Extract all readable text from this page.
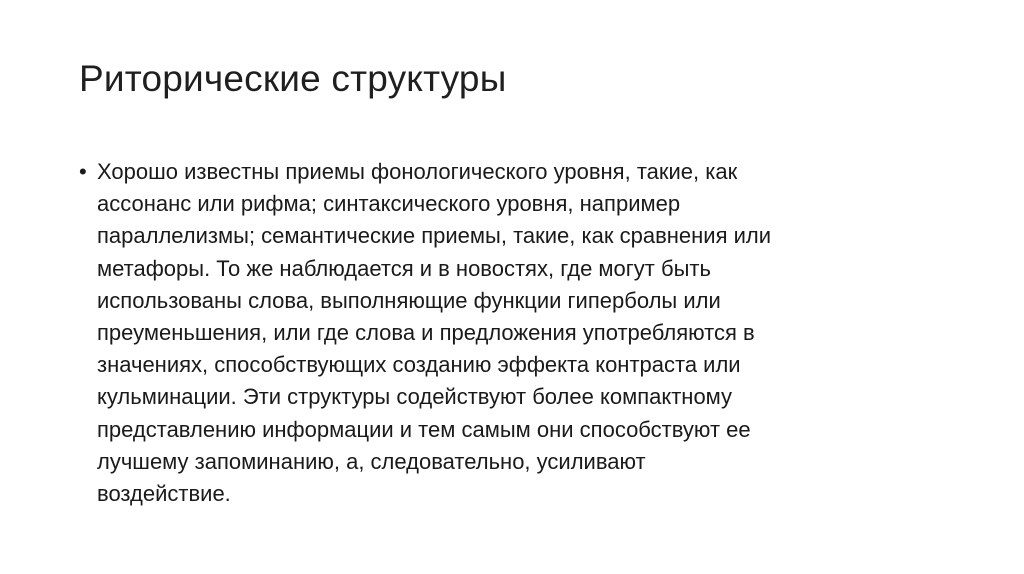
Риторические структуры
• Хорошо известны приемы фонологического уровня, такие, как
ассонанс или рифма; синтаксического уровня, например
параллелизмы; семантические приемы, такие, как сравнения или
метафоры. То же наблюдается и в новостях, где могут быть
использованы слова, выполняющие функции гиперболы или
преуменьшения, или где слова и предложения употребляются в
значениях, способствующих созданию эффекта контраста или
кульминации. Эти структуры содействуют более компактному
представлению информации и тем самым они способствуют ее
лучшему запоминанию, а, следовательно, усиливают
воздействие.
